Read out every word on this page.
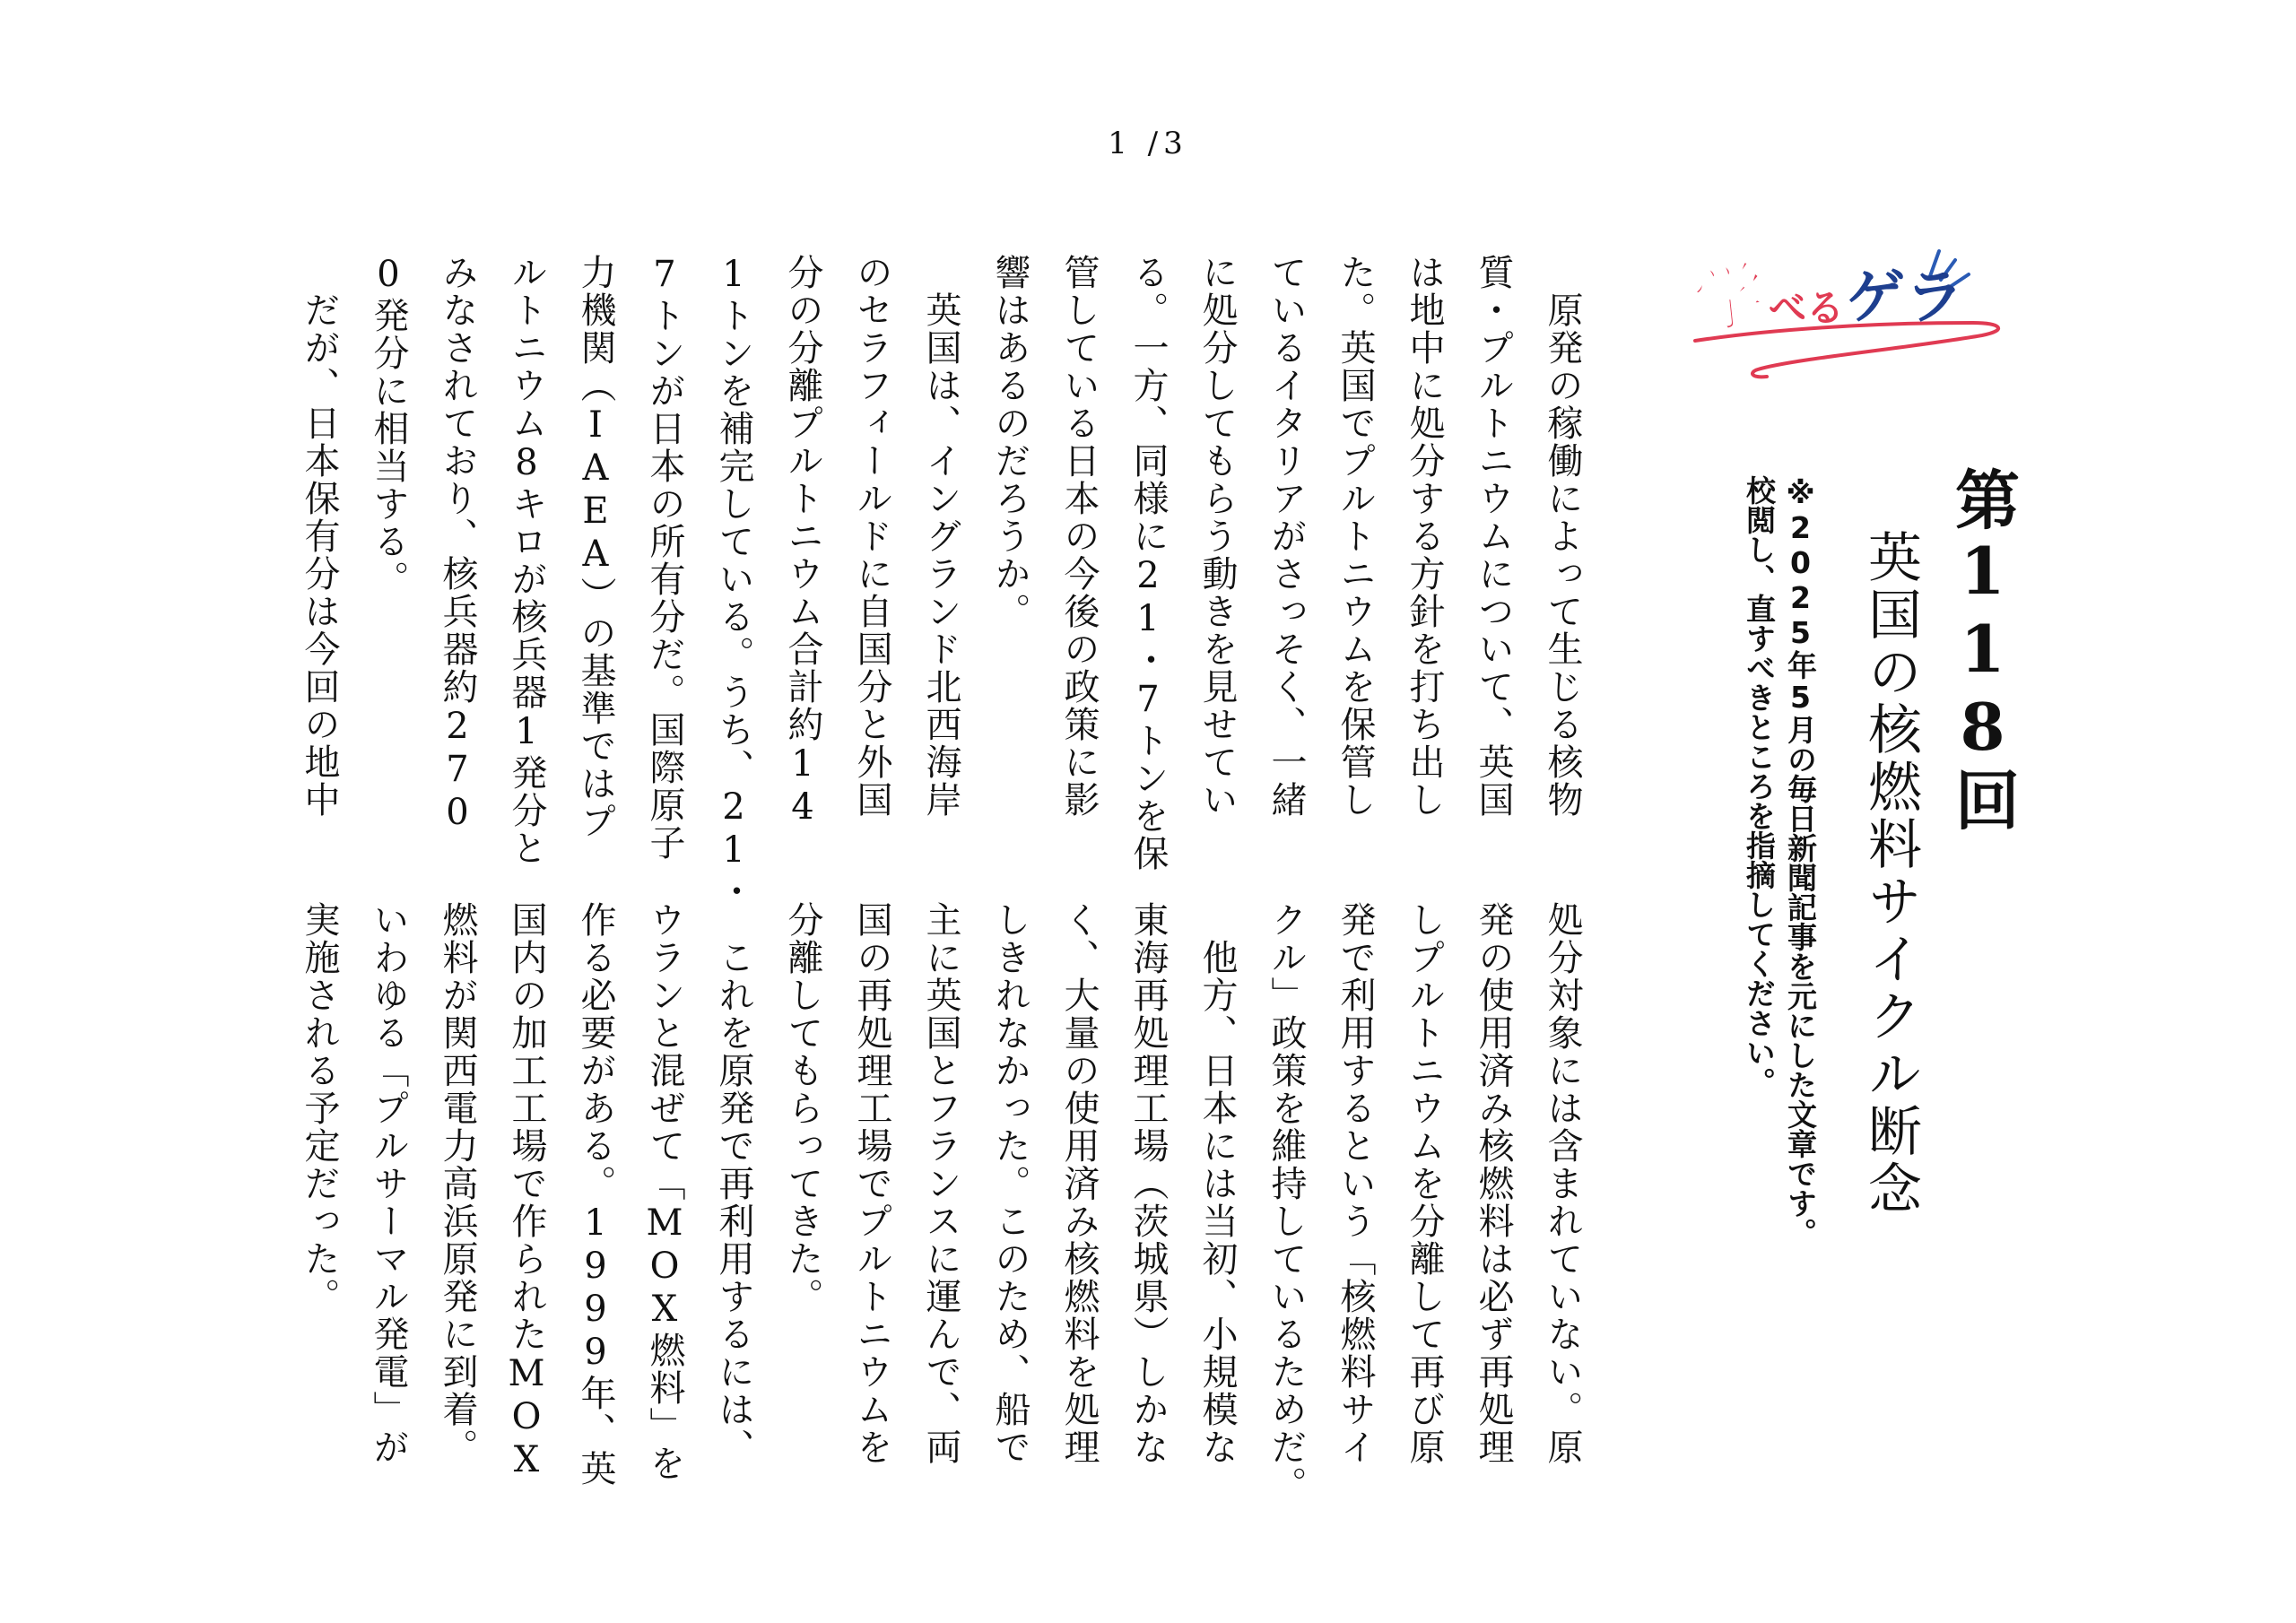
1 /3
学
べる ゲラ
第118回
英国の核燃料サイクル断念
※2025年5月の毎日新聞記事を元にした文章です。
校閲し、直すべきところを指摘してください。
　原発の稼働によって生じる核物
質・プルトニウムについて、英国
は地中に処分する方針を打ち出し
た。英国でプルトニウムを保管し
ているイタリアがさっそく、一緒
に処分してもらう動きを見せてい
る。一方、同様に21・7トンを保
管している日本の今後の政策に影
響はあるのだろうか。
　英国は、イングランド北西海岸
のセラフィールドに自国分と外国
分の分離プルトニウム合計約14
1トンを補完している。うち、21・
7トンが日本の所有分だ。国際原子
力機関（IAEA）の基準ではプ
ルトニウム8キロが核兵器1発分と
みなされており、核兵器約270
0発分に相当する。
　だが、日本保有分は今回の地中
処分対象には含まれていない。原
発の使用済み核燃料は必ず再処理
しプルトニウムを分離して再び原
発で利用するという「核燃料サイ
クル」政策を維持しているためだ。
　他方、日本には当初、小規模な
東海再処理工場（茨城県）しかな
く、大量の使用済み核燃料を処理
しきれなかった。このため、船で
主に英国とフランスに運んで、両
国の再処理工場でプルトニウムを
分離してもらってきた。
　これを原発で再利用するには、
ウランと混ぜて「MOX燃料」を
作る必要がある。1999年、英
国内の加工工場で作られたMOX
燃料が関西電力高浜原発に到着。
いわゆる「プルサーマル発電」が
実施される予定だった。
